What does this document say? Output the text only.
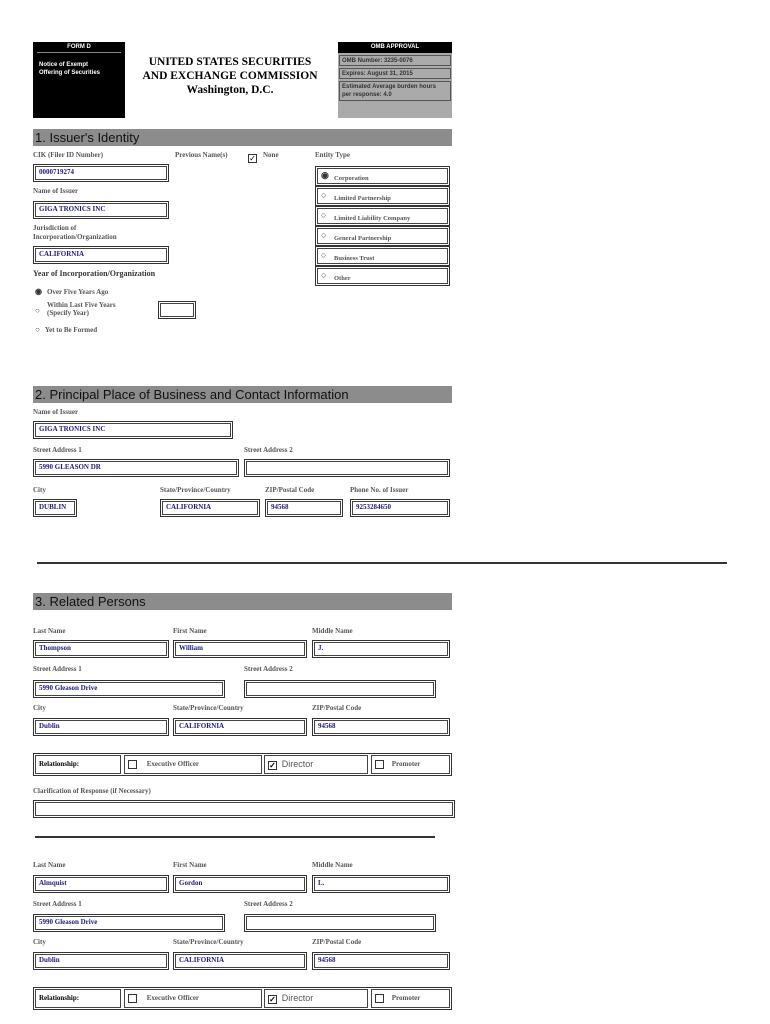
FORM D
Notice of Exempt
Offering of Securities
UNITED STATES SECURITIES
AND EXCHANGE COMMISSION
Washington, D.C.
OMB APPROVAL
OMB Number: 3235-0076
Expires: August 31, 2015
Estimated Average burden hours
per response: 4.0
1. Issuer's Identity
CIK (Filer ID Number)
0000719274
Previous Name(s)	✓ None
Name of Issuer
GIGA TRONICS INC
Jurisdiction of
Incorporation/Organization
CALIFORNIA
Year of Incorporation/Organization
◉ Over Five Years Ago
○
Within Last Five Years
(Specify Year)
○ Yet to Be Formed
Entity Type
◉ Corporation
○ Limited Partnership
○ Limited Liability Company
○ General Partnership
○ Business Trust
○ Other
2. Principal Place of Business and Contact Information
Name of Issuer
GIGA TRONICS INC
Street Address 1
5990 GLEASON DR
Street Address 2
City
DUBLIN
State/Province/Country
CALIFORNIA
ZIP/Postal Code
94568
Phone No. of Issuer
9253284650
3. Related Persons
Last Name
Thompson
First Name
William
Middle Name
J.
Street Address 1
5990 Gleason Drive
Street Address 2
City
Dublin
State/Province/Country
CALIFORNIA
ZIP/Postal Code
94568
Relationship:	Executive Officer	✓ Director	Promoter
Clarification of Response (if Necessary)
Last Name
Almquist
First Name
Gordon
Middle Name
L.
Street Address 1
5990 Gleason Drive
Street Address 2
City
Dublin
State/Province/Country
CALIFORNIA
ZIP/Postal Code
94568
Relationship:	Executive Officer	✓ Director	Promoter
